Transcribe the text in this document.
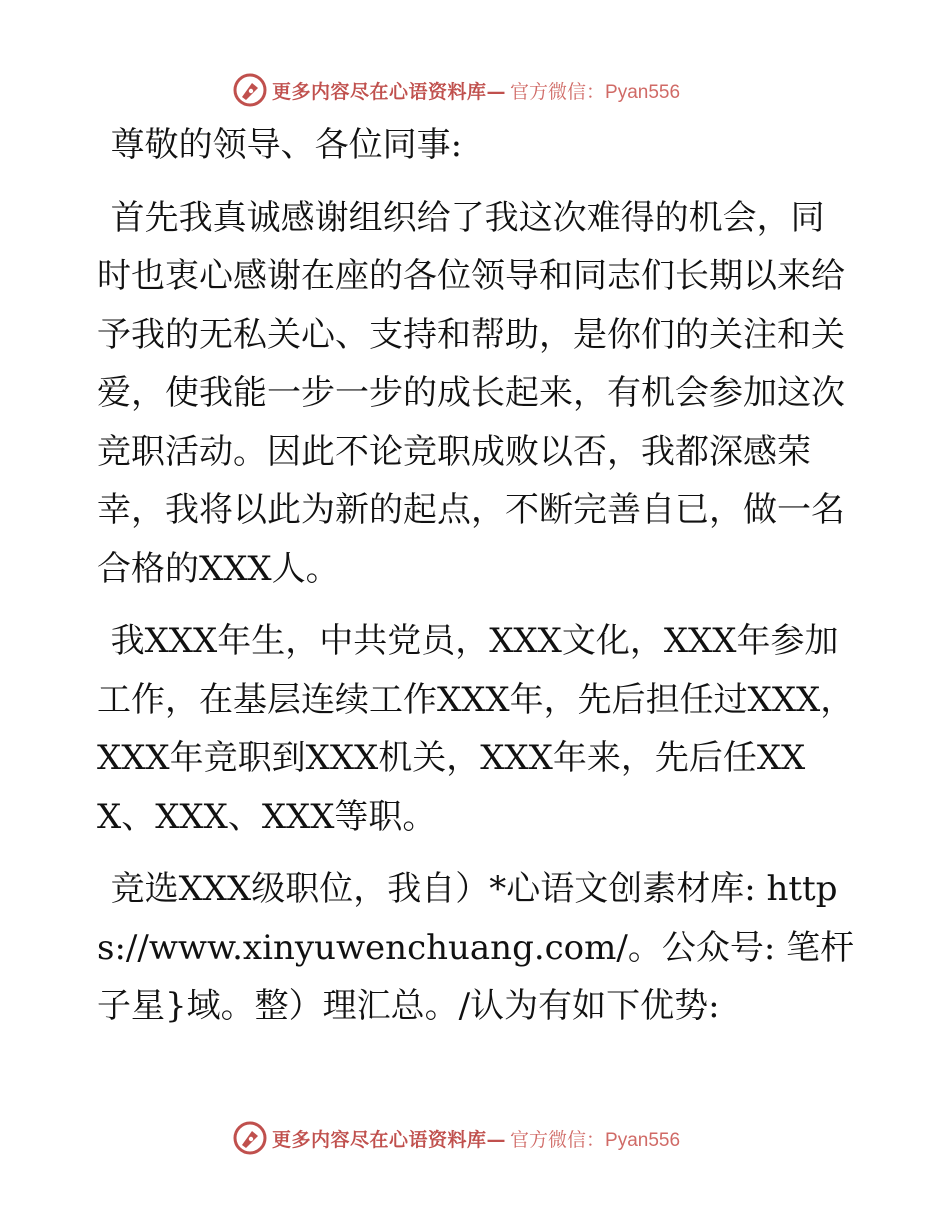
更多内容尽在心语资料库— 官方微信：Pyan556

尊敬的领导、各位同事:

首先我真诚感谢组织给了我这次难得的机会，同时也衷心感谢在座的各位领导和同志们长期以来给予我的无私关心、支持和帮助，是你们的关注和关爱，使我能一步一步的成长起来，有机会参加这次竞职活动。因此不论竞职成败以否，我都深感荣幸，我将以此为新的起点，不断完善自已，做一名合格的XXX人。

我XXX年生，中共党员，XXX文化，XXX年参加工作，在基层连续工作XXX年，先后担任过XXX，XXX年竞职到XXX机关，XXX年来，先后任XXX、XXX、XXX等职。

竞选XXX级职位，我自）*心语文创素材库: https://www.xinyuwenchuang.com/。公众号: 笔杆子星}域。整）理汇总。/认为有如下优势:

更多内容尽在心语资料库— 官方微信：Pyan556
